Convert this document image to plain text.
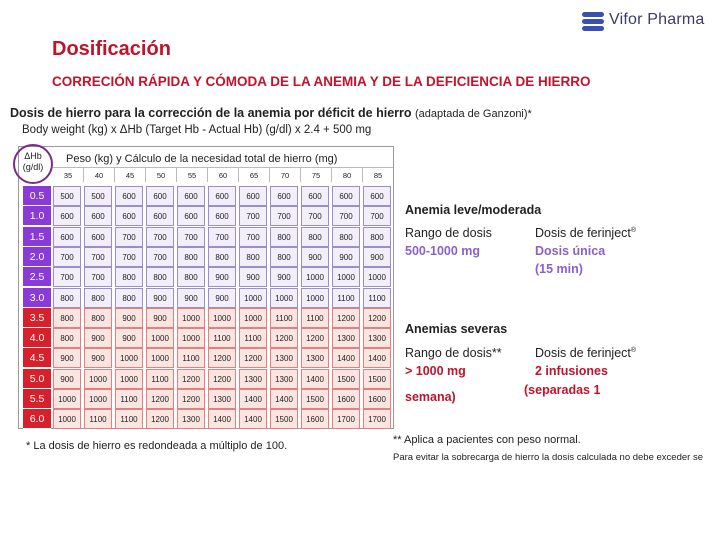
Vifor Pharma
Dosificación
CORRECIÓN RÁPIDA Y CÓMODA DE LA ANEMIA Y DE LA DEFICIENCIA DE HIERRO
Dosis de hierro para la corrección de la anemia por déficit de hierro (adaptada de Ganzoni)*
Body weight (kg) x ΔHb (Target Hb - Actual Hb) (g/dl) x 2.4 + 500 mg
ΔHb (g/dl)
Peso (kg) y Cálculo de la necesidad total de hierro (mg)
35	40	45	50	55	60	65	70	75	80	85
0.5	500	500	600	600	600	600	600	600	600	600	600
1.0	600	600	600	600	600	600	700	700	700	700	700
1.5	600	600	700	700	700	700	700	800	800	800	800
2.0	700	700	700	700	800	800	800	800	900	900	900
2.5	700	700	800	800	800	900	900	900	1000	1000	1000
3.0	800	800	800	900	900	900	1000	1000	1000	1100	1100
3.5	800	800	900	900	1000	1000	1000	1100	1100	1200	1200
4.0	800	900	900	1000	1000	1100	1100	1200	1200	1300	1300
4.5	900	900	1000	1000	1100	1200	1200	1300	1300	1400	1400
5.0	900	1000	1000	1100	1200	1200	1300	1300	1400	1500	1500
5.5	1000	1000	1100	1200	1200	1300	1400	1400	1500	1600	1600
6.0	1000	1100	1100	1200	1300	1400	1400	1500	1600	1700	1700
Anemia leve/moderada
Rango de dosis
500-1000 mg
Dosis de ferinject®
Dosis única
(15 min)
Anemias severas
Rango de dosis**
> 1000 mg
Dosis de ferinject®
2 infusiones
(separadas 1
semana)
* La dosis de hierro es redondeada a múltiplo de 100.	** Aplica a pacientes con peso normal.
Para evitar la sobrecarga de hierro la dosis calculada no debe exceder se
